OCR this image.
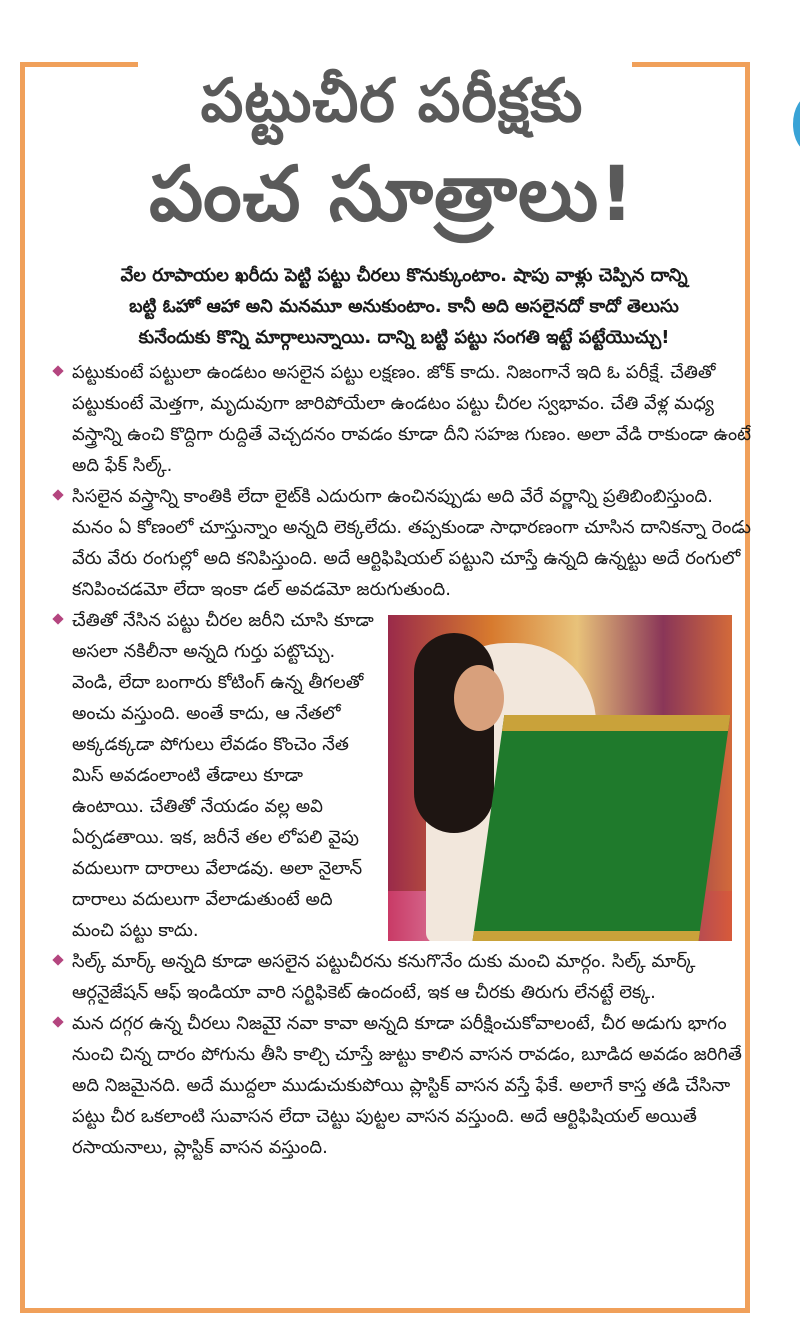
పట్టుచీర పరీక్షకు
పంచ సూత్రాలు!

వేల రూపాయల ఖరీదు పెట్టి పట్టు చీరలు కొనుక్కుంటాం. షాపు వాళ్లు చెప్పిన దాన్ని

బట్టి ఓహో ఆహా అని మనమూ అనుకుంటాం. కానీ అది అసలైనదో కాదో తెలుసు

కునేందుకు కొన్ని మార్గాలున్నాయి. దాన్ని బట్టి పట్టు సంగతి ఇట్టే పట్టేయొచ్చు!

పట్టుకుంటే పట్టులా ఉండటం అసలైన పట్టు లక్షణం. జోక్ కాదు. నిజంగానే ఇది ఓ పరీక్షే. చేతితో పట్టుకుంటే మెత్తగా, మృదువుగా జారిపోయేలా ఉండటం పట్టు చీరల స్వభావం. చేతి వేళ్ల మధ్య వస్త్రాన్ని ఉంచి కొద్దిగా రుద్దితే వెచ్చదనం రావడం కూడా దీని సహజ గుణం. అలా వేడి రాకుండా ఉంటే అది ఫేక్ సిల్క్.

సిసలైన వస్త్రాన్ని కాంతికి లేదా లైట్‌కి ఎదురుగా ఉంచినప్పుడు అది వేరే వర్ణాన్ని ప్రతిబింబిస్తుంది. మనం ఏ కోణంలో చూస్తున్నాం అన్నది లెక్కలేదు. తప్పకుండా సాధారణంగా చూసిన దానికన్నా రెండు వేరు వేరు రంగుల్లో అది కనిపిస్తుంది. అదే ఆర్టిఫిషియల్ పట్టుని చూస్తే ఉన్నది ఉన్నట్టు అదే రంగులో కనిపించడమో లేదా ఇంకా డల్ అవడమో జరుగుతుంది.

చేతితో నేసిన పట్టు చీరల జరీని చూసి కూడా అసలా నకిలీనా అన్నది గుర్తు పట్టొచ్చు. వెండి, లేదా బంగారు కోటింగ్ ఉన్న తీగలతో అంచు వస్తుంది. అంతే కాదు, ఆ నేతలో అక్కడక్కడా పోగులు లేవడం కొంచెం నేత మిస్ అవడంలాంటి తేడాలు కూడా ఉంటాయి. చేతితో నేయడం వల్ల అవి ఏర్పడతాయి. ఇక, జరీనే తల లోపలి వైపు వదులుగా దారాలు వేలాడవు. అలా నైలాన్ దారాలు వదులుగా వేలాడుతుంటే అది మంచి పట్టు కాదు.

సిల్క్ మార్క్ అన్నది కూడా అసలైన పట్టుచీరను కనుగొనేం దుకు మంచి మార్గం. సిల్క్ మార్క్ ఆర్గనైజేషన్ ఆఫ్ ఇండియా వారి సర్టిఫికెట్ ఉందంటే, ఇక ఆ చీరకు తిరుగు లేనట్టే లెక్క.

మన దగ్గర ఉన్న చీరలు నిజమైె నవా కావా అన్నది కూడా పరీక్షించుకోవాలంటే, చీర అడుగు భాగం నుంచి చిన్న దారం పోగును తీసి కాల్చి చూస్తే జుట్టు కాలిన వాసన రావడం, బూడిద అవడం జరిగితే అది నిజమైనది. అదే ముద్దలా ముడుచుకుపోయి ప్లాస్టిక్ వాసన వస్తే ఫేకే. అలాగే కాస్త తడి చేసినా పట్టు చీర ఒకలాంటి సువాసన లేదా చెట్టు పుట్టల వాసన వస్తుంది. అదే ఆర్టిఫిషియల్ అయితే రసాయనాలు, ప్లాస్టిక్ వాసన వస్తుంది.
